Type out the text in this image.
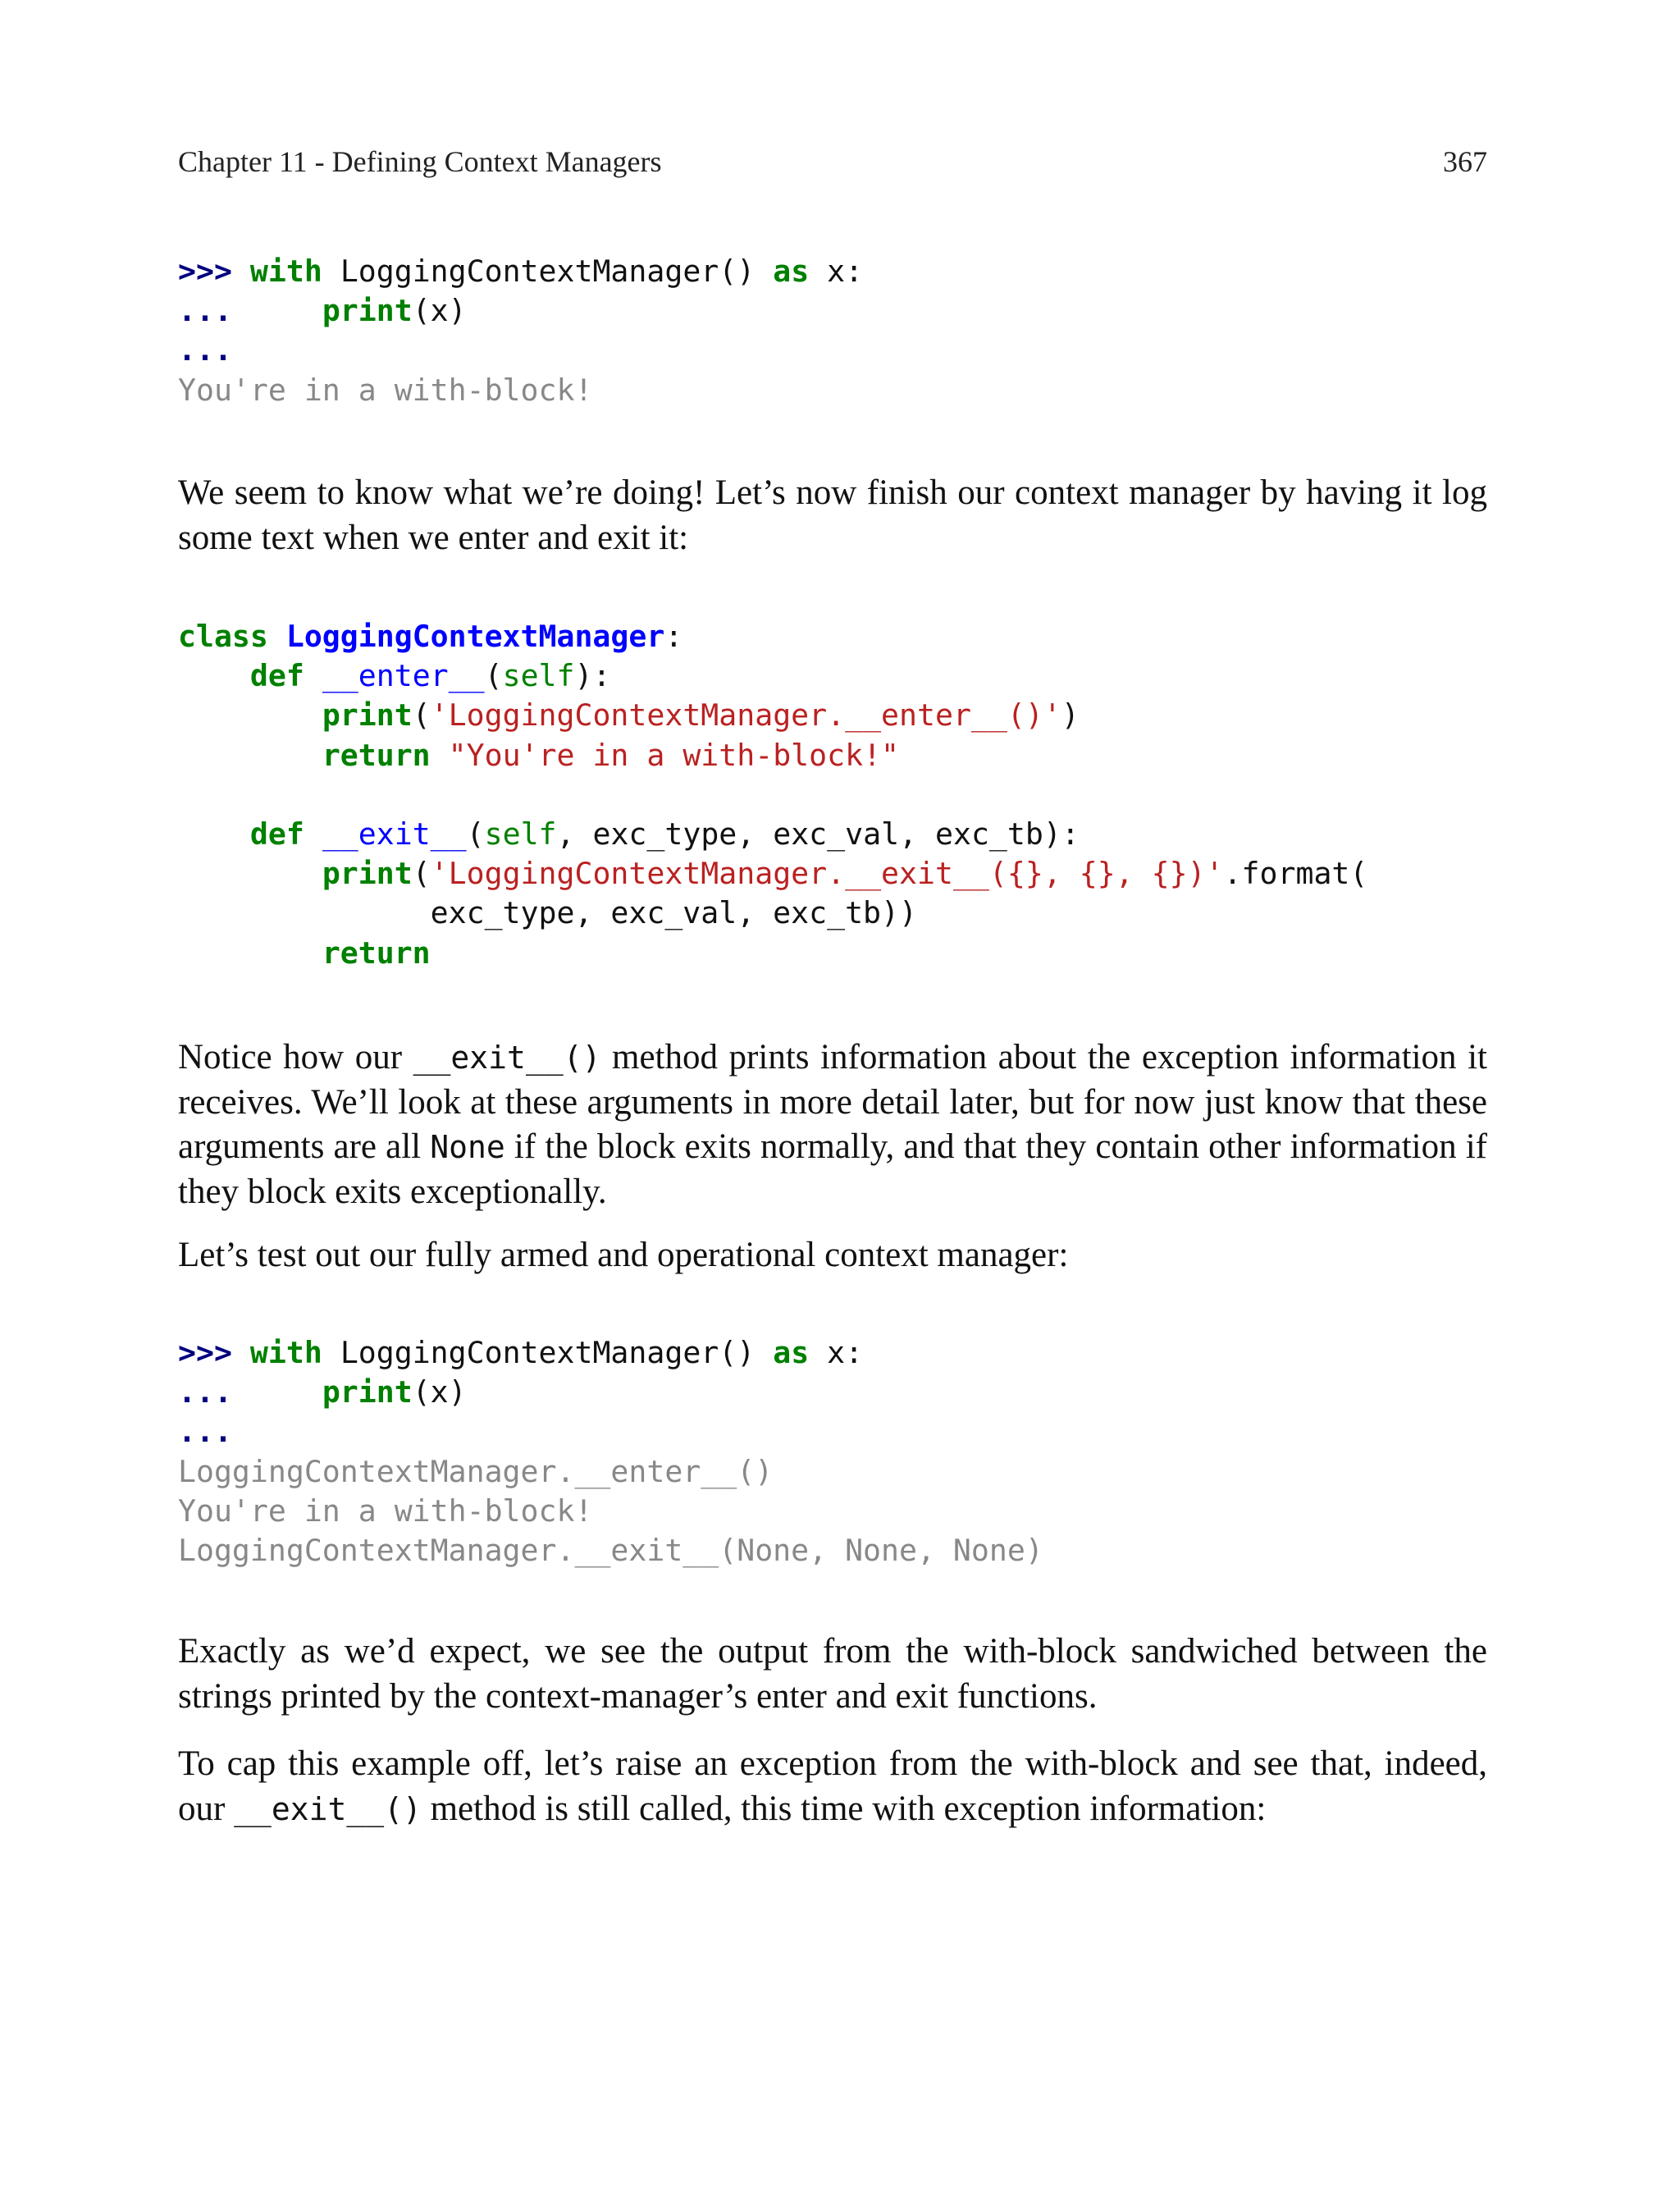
Chapter 11 - Defining Context Managers	367
>>> with LoggingContextManager() as x:
...	print(x)
...
You're in a with-block!

We seem to know what we’re doing! Let’s now finish our context manager by having it log some text when we enter and exit it:

class LoggingContextManager:
def __enter__(self):
print('LoggingContextManager.__enter__()')
return "You're in a with-block!"

def __exit__(self, exc_type, exc_val, exc_tb):
print('LoggingContextManager.__exit__({}, {}, {})'.format(
exc_type, exc_val, exc_tb))
return

Notice how our __exit__() method prints information about the exception information it receives. We’ll look at these arguments in more detail later, but for now just know that these arguments are all None if the block exits normally, and that they contain other information if they block exits exceptionally.

Let’s test out our fully armed and operational context manager:

>>> with LoggingContextManager() as x:
...	print(x)
...
LoggingContextManager.__enter__()
You're in a with-block!
LoggingContextManager.__exit__(None, None, None)

Exactly as we’d expect, we see the output from the with-block sandwiched between the strings printed by the context-manager’s enter and exit functions.

To cap this example off, let’s raise an exception from the with-block and see that, indeed, our __exit__() method is still called, this time with exception information:
